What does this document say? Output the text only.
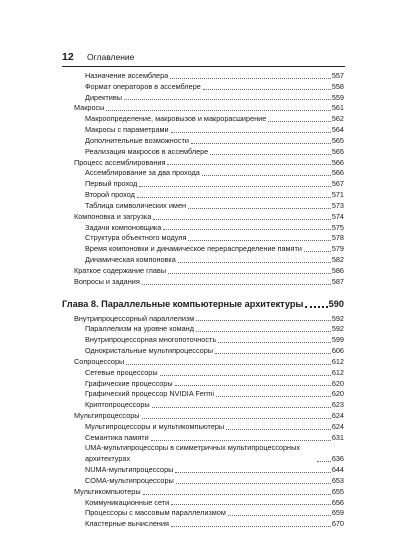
12 Оглавление
Назначение ассемблера	557
Формат операторов в ассемблере	558
Директивы	559
Макросы	561
Макроопределение, макровызов и макрорасширение	562
Макросы с параметрами	564
Дополнительные возможности	565
Реализация макросов в ассемблере	565
Процесс ассемблирования	566
Ассемблирование за два прохода	566
Первый проход	567
Второй проход	571
Таблица символических имен	573
Компоновка и загрузка	574
Задачи компоновщика	575
Структура объектного модуля	578
Время компоновки и динамическое перераспределение памяти	579
Динамическая компоновка	582
Краткое содержание главы	586
Вопросы и задания	587
Глава 8. Параллельные компьютерные архитектуры	590
Внутрипроцессорный параллелизм	592
Параллелизм на уровне команд	592
Внутрипроцессорная многопоточность	599
Однокристальные мультипроцессоры	606
Сопроцессоры	612
Сетевые процессоры	612
Графические процессоры	620
Графический процессор NVIDIA Fermi	620
Криптопроцессоры	623
Мультипроцессоры	624
Мультипроцессоры и мультикомпьютеры	624
Семантика памяти	631
UMA-мультипроцессоры в симметричных мультипроцессорных архитектурах	636
NUMA-мультипроцессоры	644
COMA-мультипроцессоры	653
Мультикомпьютеры	655
Коммуникационные сети	656
Процессоры с массовым параллелизмом	659
Кластерные вычисления	670
